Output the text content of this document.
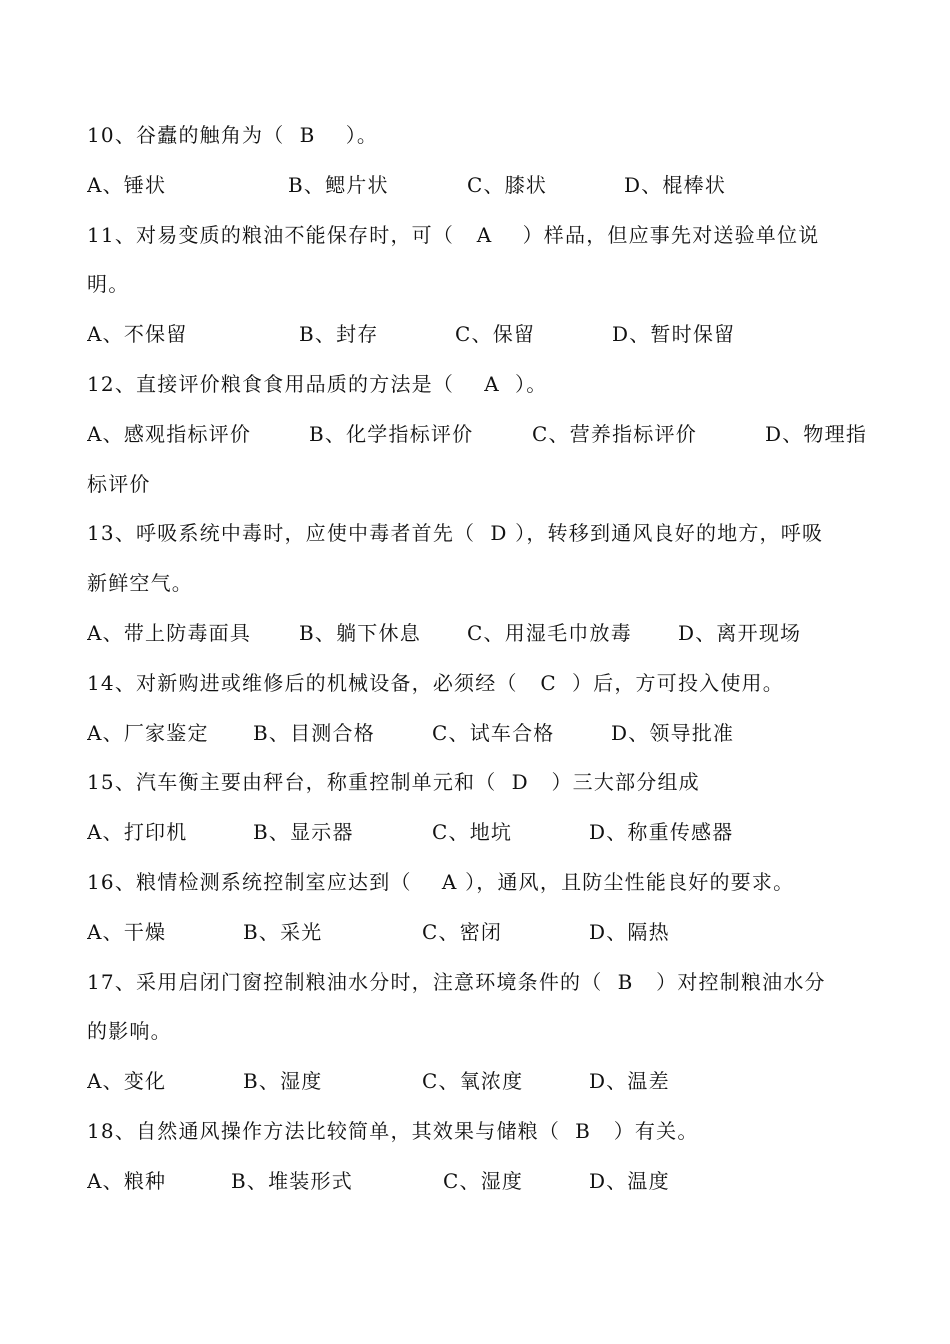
10、谷蠹的触角为（  B    ）。
A、锤状	B、鳃片状	C、膝状	D、棍棒状
11、对易变质的粮油不能保存时，可（   A    ）样品，但应事先对送验单位说
明。
A、不保留	B、封存	C、保留	D、暂时保留
12、直接评价粮食食用品质的方法是（    A  ）。
A、感观指标评价	B、化学指标评价	C、营养指标评价	D、物理指
标评价
13、呼吸系统中毒时，应使中毒者首先（  D ），转移到通风良好的地方，呼吸
新鲜空气。
A、带上防毒面具 B、躺下休息 C、用湿毛巾放毒 D、离开现场
14、对新购进或维修后的机械设备，必须经（   C  ）后，方可投入使用。
A、厂家鉴定 B、目测合格	C、试车合格	D、领导批准
15、汽车衡主要由秤台，称重控制单元和（  D   ）三大部分组成
A、打印机	B、显示器	C、地坑	D、称重传感器
16、粮情检测系统控制室应达到（    A ），通风，且防尘性能良好的要求。
A、干燥	B、采光	C、密闭	D、隔热
17、采用启闭门窗控制粮油水分时，注意环境条件的（  B   ）对控制粮油水分
的影响。
A、变化	B、湿度	C、氧浓度	D、温差
18、自然通风操作方法比较简单，其效果与储粮（  B   ）有关。
A、粮种	B、堆装形式	C、湿度	D、温度
